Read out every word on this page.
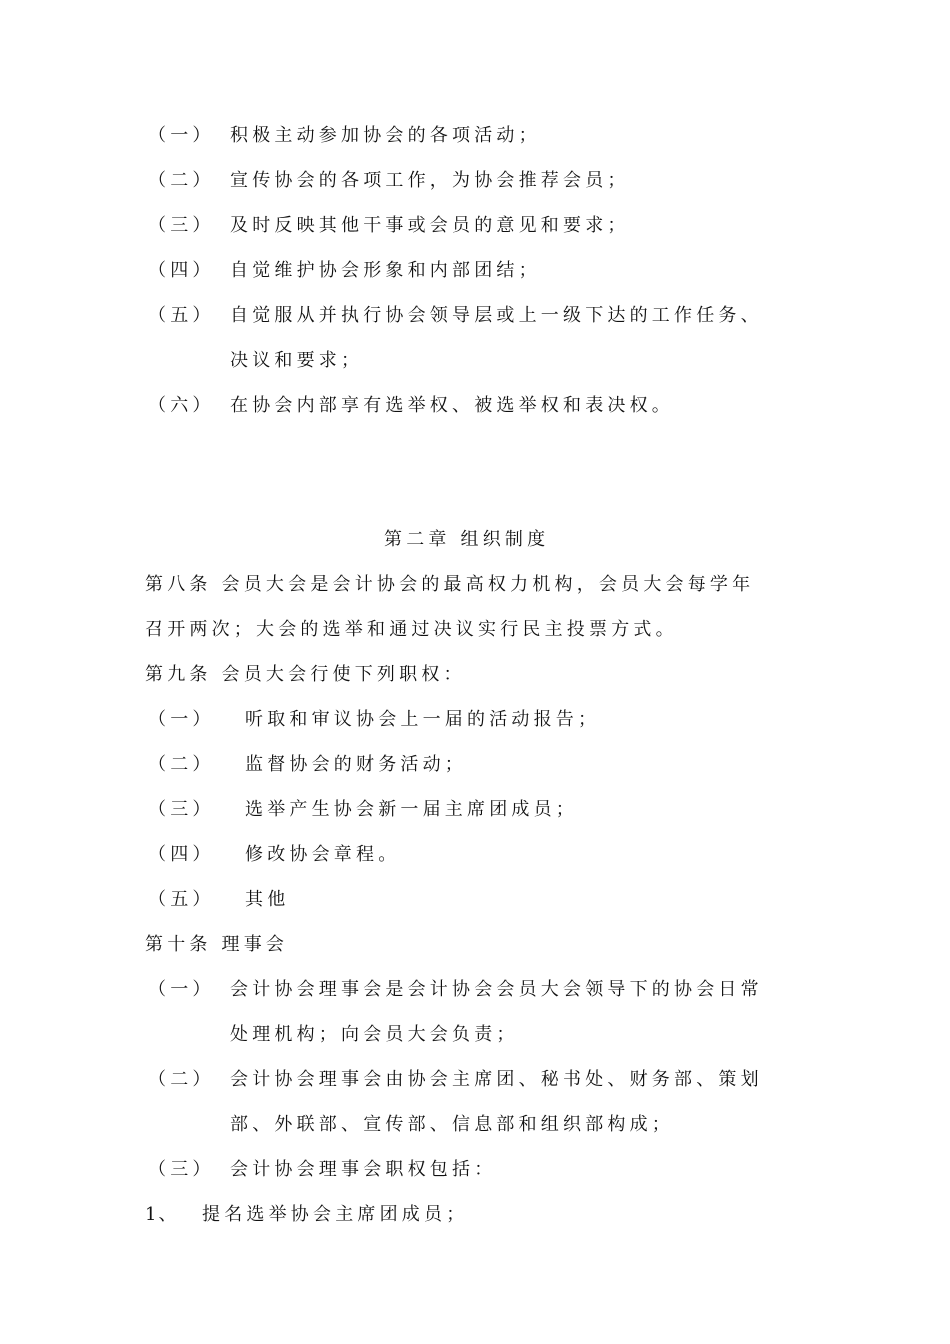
（一） 积极主动参加协会的各项活动；
（二） 宣传协会的各项工作，为协会推荐会员；
（三） 及时反映其他干事或会员的意见和要求；
（四） 自觉维护协会形象和内部团结；
（五） 自觉服从并执行协会领导层或上一级下达的工作任务、
决议和要求；
（六） 在协会内部享有选举权、被选举权和表决权。
第二章 组织制度
第八条 会员大会是会计协会的最高权力机构，会员大会每学年
召开两次；大会的选举和通过决议实行民主投票方式。
第九条 会员大会行使下列职权：
（一） 听取和审议协会上一届的活动报告；
（二） 监督协会的财务活动；
（三） 选举产生协会新一届主席团成员；
（四） 修改协会章程。
（五） 其他
第十条 理事会
（一） 会计协会理事会是会计协会会员大会领导下的协会日常
处理机构；向会员大会负责；
（二） 会计协会理事会由协会主席团、秘书处、财务部、策划
部、外联部、宣传部、信息部和组织部构成；
（三） 会计协会理事会职权包括：
1、 提名选举协会主席团成员；
